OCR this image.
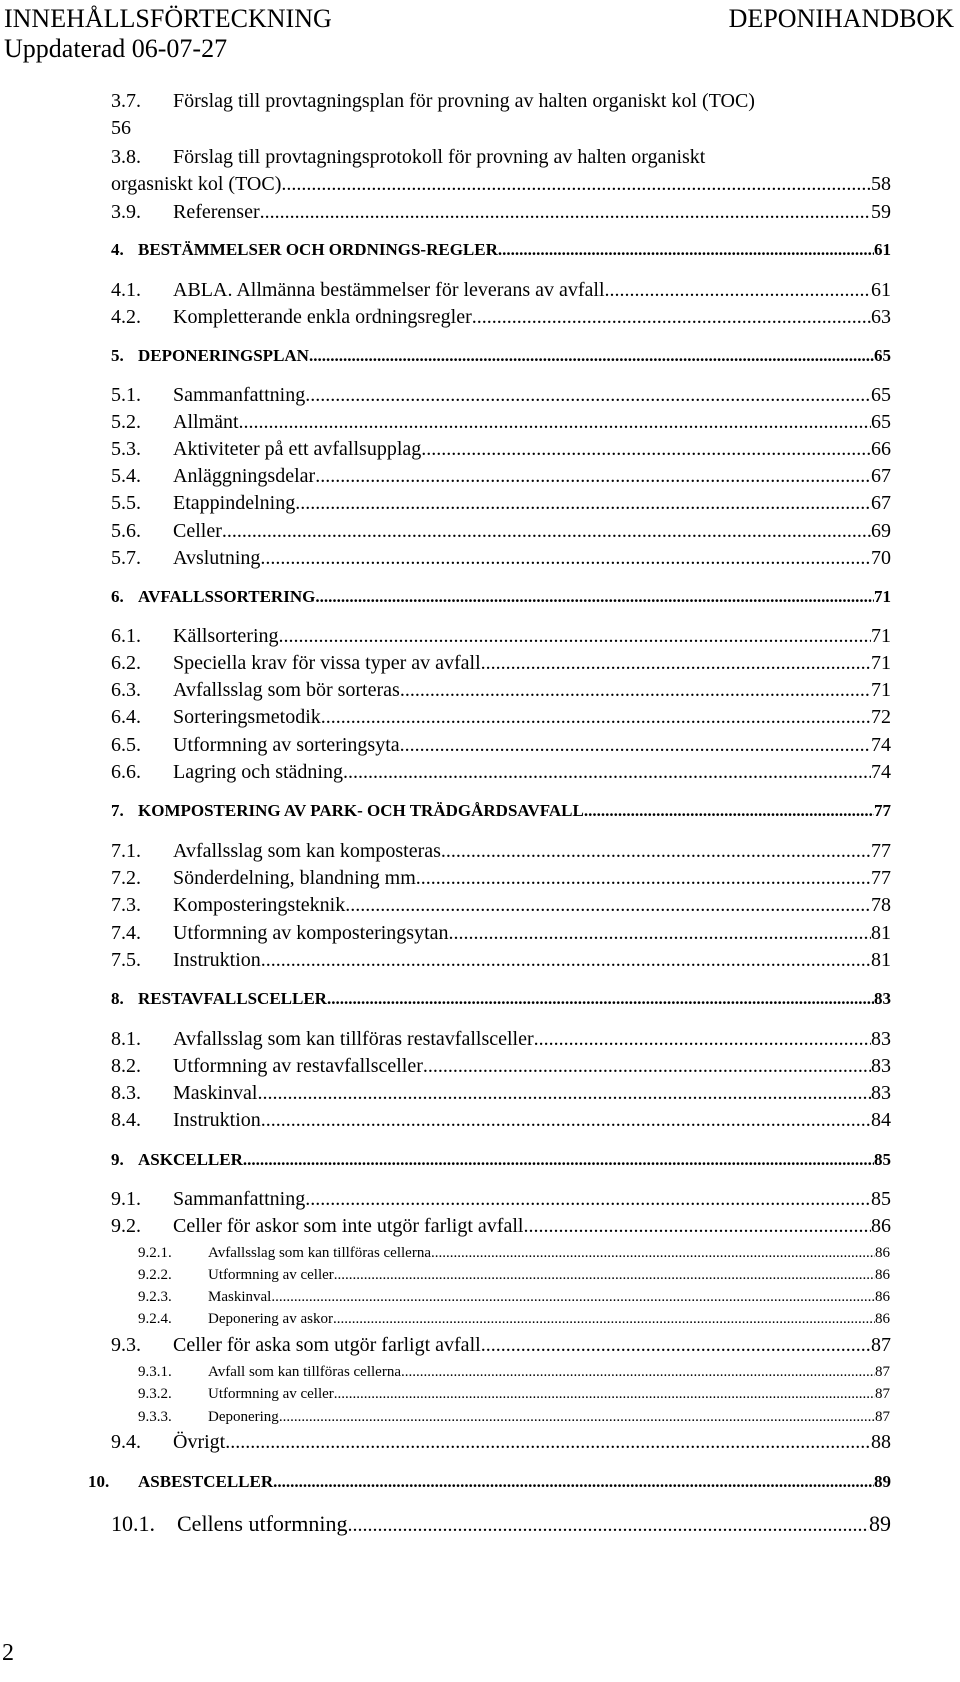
INNEHÅLLSFÖRTECKNING	DEPONIHANDBOK
Uppdaterad 06-07-27
3.7.	Förslag till provtagningsplan för provning av halten organiskt kol (TOC)
56
3.8.	Förslag till provtagningsprotokoll för provning av halten organiskt
orgasniskt kol (TOC) .....	58
3.9.	Referenser .....	59
4. BESTÄMMELSER OCH ORDNINGS-REGLER .....	61
4.1.	ABLA. Allmänna bestämmelser för leverans av avfall .....	61
4.2.	Kompletterande enkla ordningsregler .....	63
5. DEPONERINGSPLAN .....	65
5.1.	Sammanfattning .....	65
5.2.	Allmänt .....	65
5.3.	Aktiviteter på ett avfallsupplag .....	66
5.4.	Anläggningsdelar .....	67
5.5.	Etappindelning .....	67
5.6.	Celler .....	69
5.7.	Avslutning .....	70
6. AVFALLSSORTERING .....	71
6.1.	Källsortering .....	71
6.2.	Speciella krav för vissa typer av avfall .....	71
6.3.	Avfallsslag som bör sorteras .....	71
6.4.	Sorteringsmetodik .....	72
6.5.	Utformning av sorteringsyta .....	74
6.6.	Lagring och städning .....	74
7. KOMPOSTERING AV PARK- OCH TRÄDGÅRDSAVFALL .....	77
7.1.	Avfallsslag som kan komposteras .....	77
7.2.	Sönderdelning, blandning mm .....	77
7.3.	Komposteringsteknik .....	78
7.4.	Utformning av komposteringsytan .....	81
7.5.	Instruktion .....	81
8. RESTAVFALLSCELLER .....	83
8.1.	Avfallsslag som kan tillföras restavfallsceller .....	83
8.2.	Utformning av restavfallsceller .....	83
8.3.	Maskinval .....	83
8.4.	Instruktion .....	84
9. ASKCELLER .....	85
9.1.	Sammanfattning .....	85
9.2.	Celler för askor som inte utgör farligt avfall .....	86
9.2.1.	Avfallsslag som kan tillföras cellerna .....	86
9.2.2.	Utformning av celler .....	86
9.2.3.	Maskinval .....	86
9.2.4.	Deponering av askor .....	86
9.3.	Celler för aska som utgör farligt avfall .....	87
9.3.1.	Avfall som kan tillföras cellerna .....	87
9.3.2.	Utformning av celler .....	87
9.3.3.	Deponering .....	87
9.4.	Övrigt .....	88
10.	ASBESTCELLER .....	89
10.1.	Cellens utformning .....	89
2
